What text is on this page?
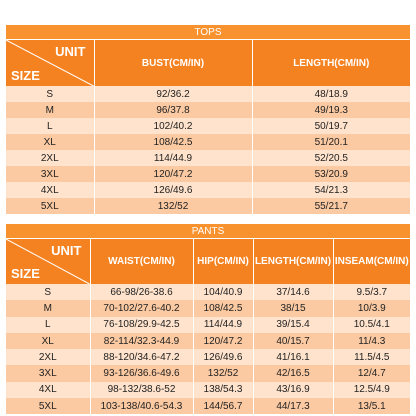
TOPS		

UNIT
SIZE	BUST(CM/IN)	LENGTH(CM/IN)
S	92/36.2	48/18.9
M	96/37.8	49/19.3
L	102/40.2	50/19.7
XL	108/42.5	51/20.1
2XL	114/44.9	52/20.5
3XL	120/47.2	53/20.9
4XL	126/49.6	54/21.3
5XL	132/52	55/21.7
PANTS				

UNIT
SIZE	WAIST(CM/IN)	HIP(CM/IN)	LENGTH(CM/IN)	INSEAM(CM/IN)
S	66-98/26-38.6	104/40.9	37/14.6	9.5/3.7
M	70-102/27.6-40.2	108/42.5	38/15	10/3.9
L	76-108/29.9-42.5	114/44.9	39/15.4	10.5/4.1
XL	82-114/32.3-44.9	120/47.2	40/15.7	11/4.3
2XL	88-120/34.6-47.2	126/49.6	41/16.1	11.5/4.5
3XL	93-126/36.6-49.6	132/52	42/16.5	12/4.7
4XL	98-132/38.6-52	138/54.3	43/16.9	12.5/4.9
5XL	103-138/40.6-54.3	144/56.7	44/17.3	13/5.1
